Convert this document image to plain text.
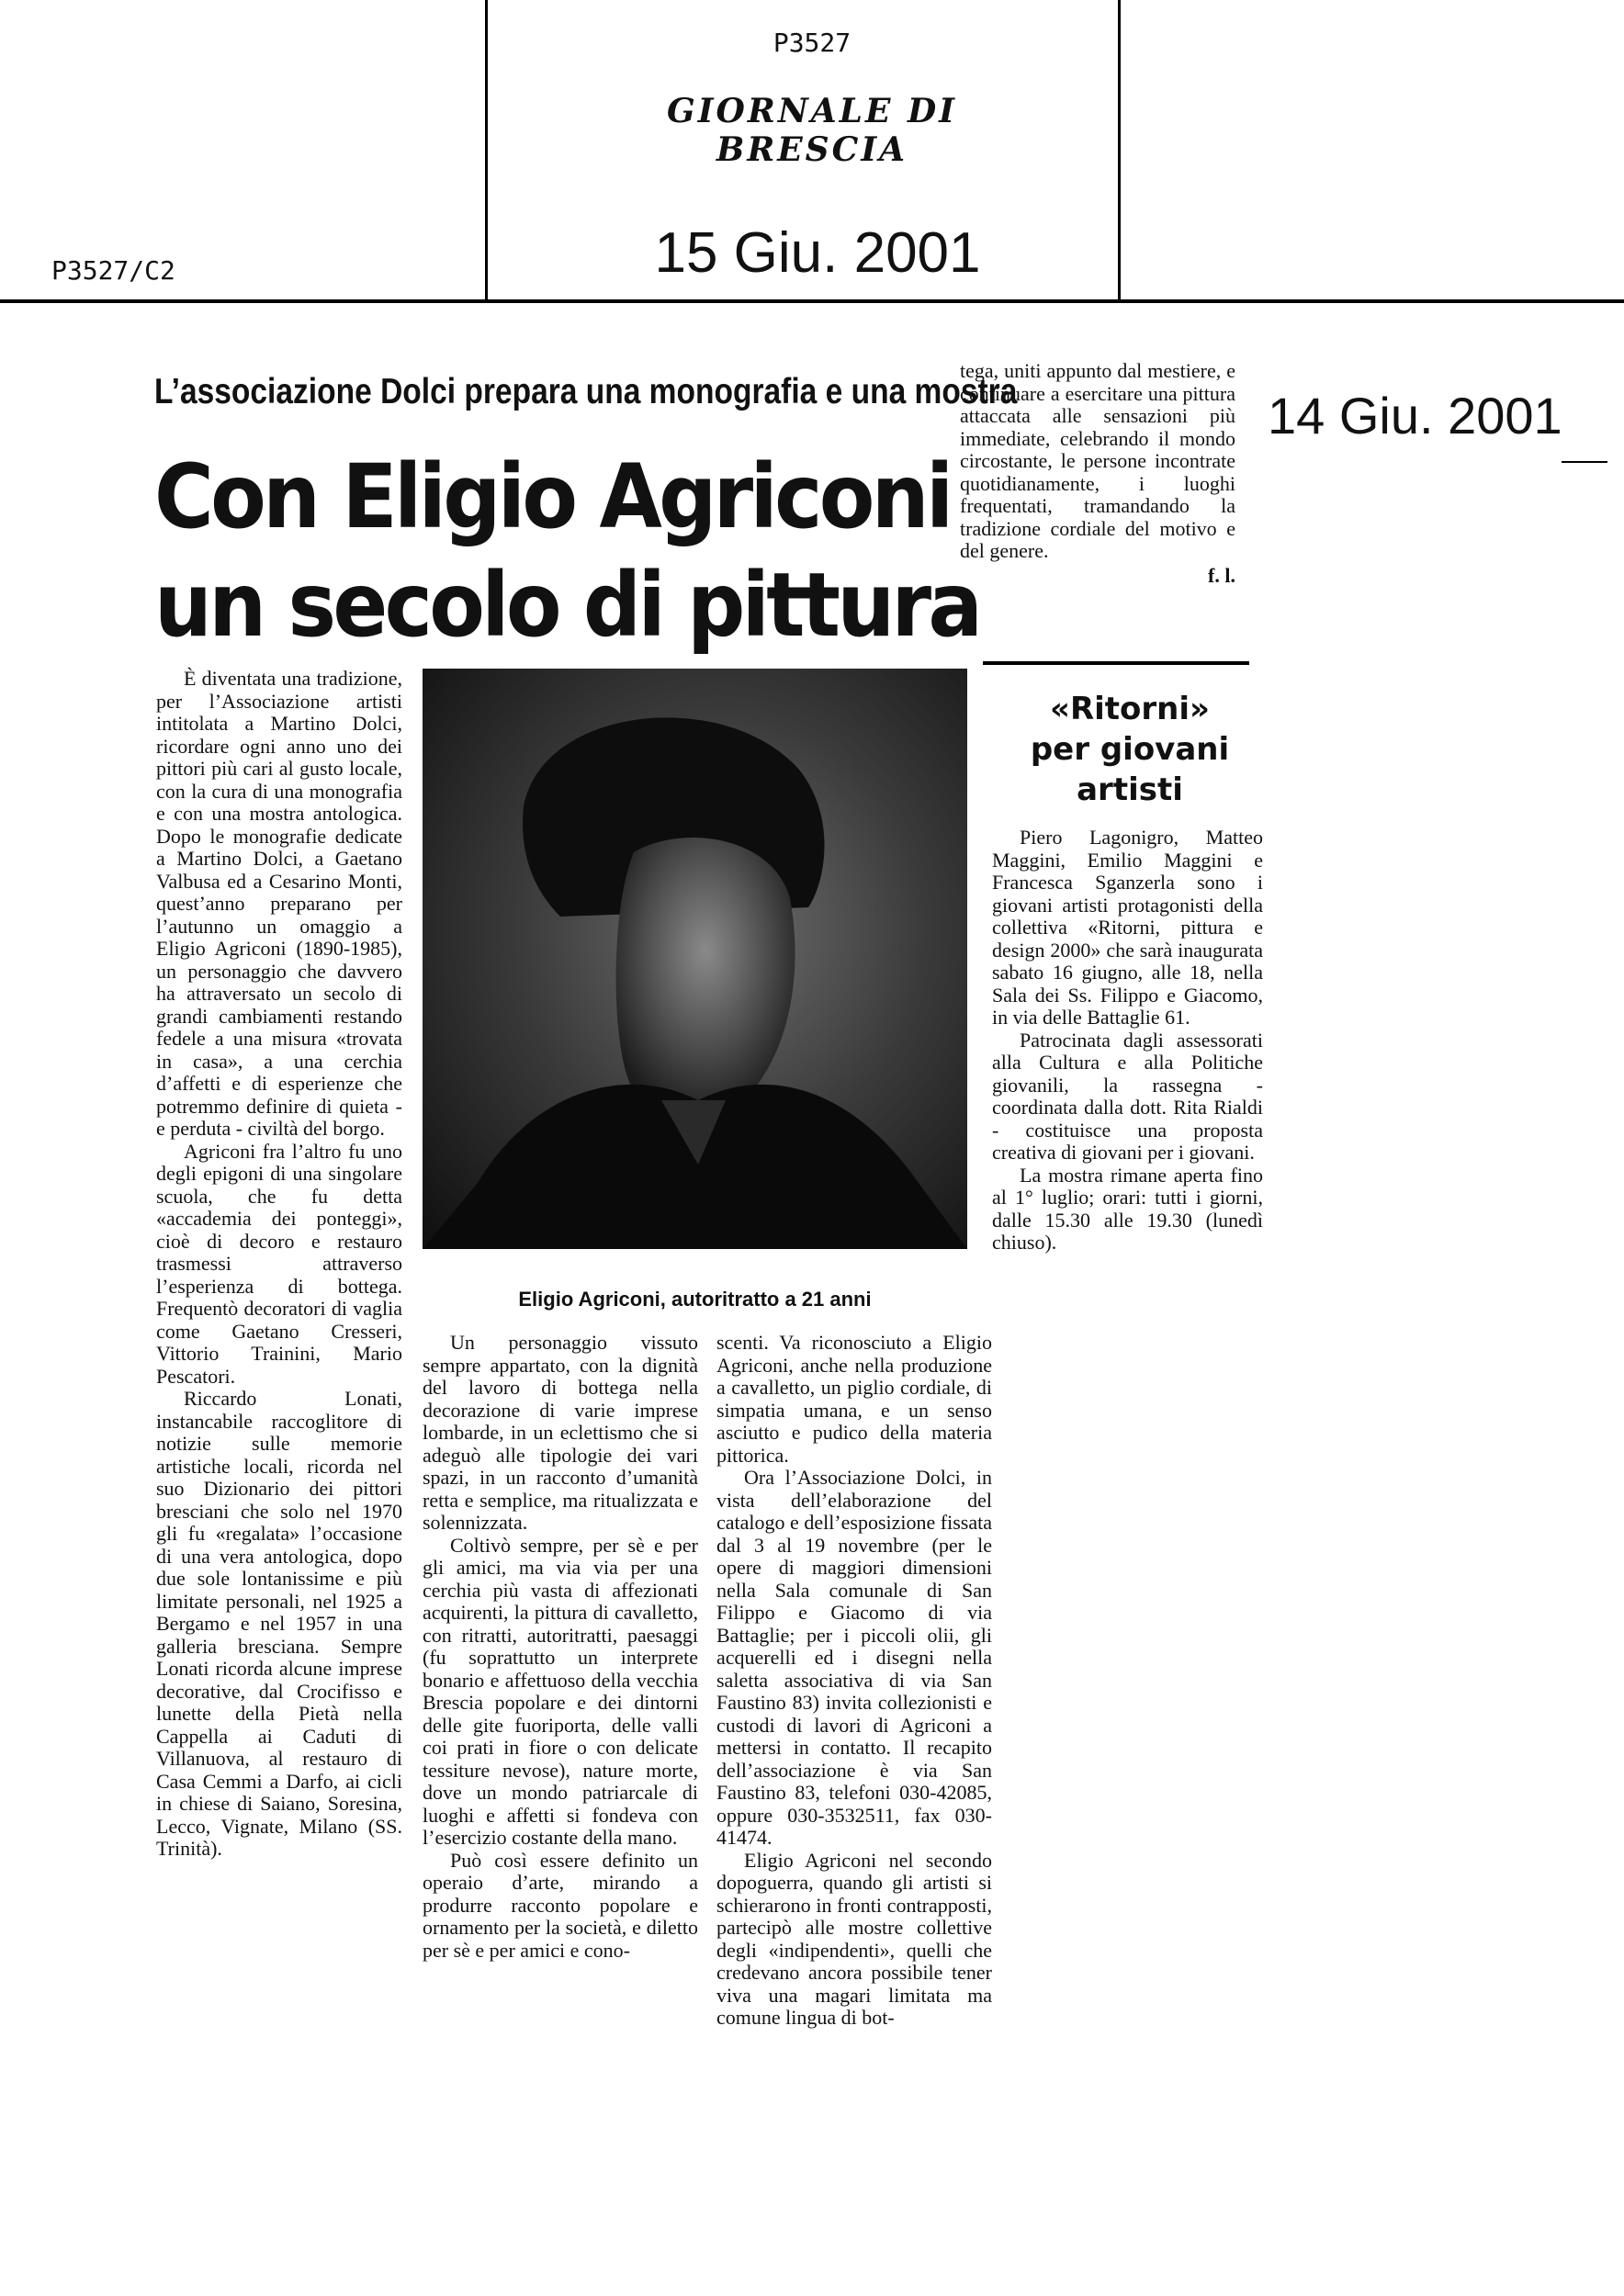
P3527
GIORNALE DI BRESCIA
15 Giu. 2001
P3527/C2
14 Giu. 2001
L’associazione Dolci prepara una monografia e una mostra
Con Eligio Agriconi
un secolo di pittura

È diventata una tradizione, per l’Associazione artisti intitolata a Martino Dolci, ricordare ogni anno uno dei pittori più cari al gusto locale, con la cura di una monografia e con una mostra antologica. Dopo le monografie dedicate a Martino Dolci, a Gaetano Valbusa ed a Cesarino Monti, quest’anno preparano per l’autunno un omaggio a Eligio Agriconi (1890-1985), un personaggio che davvero ha attraversato un secolo di grandi cambiamenti restando fedele a una misura «trovata in casa», a una cerchia d’affetti e di esperienze che potremmo definire di quieta - e perduta - civiltà del borgo.

Agriconi fra l’altro fu uno degli epigoni di una singolare scuola, che fu detta «accademia dei ponteggi», cioè di decoro e restauro trasmessi attraverso l’esperienza di bottega. Frequentò decoratori di vaglia come Gaetano Cresseri, Vittorio Trainini, Mario Pescatori.

Riccardo Lonati, instancabile raccoglitore di notizie sulle memorie artistiche locali, ricorda nel suo Dizionario dei pittori bresciani che solo nel 1970 gli fu «regalata» l’occasione di una vera antologica, dopo due sole lontanissime e più limitate personali, nel 1925 a Bergamo e nel 1957 in una galleria bresciana. Sempre Lonati ricorda alcune imprese decorative, dal Crocifisso e lunette della Pietà nella Cappella ai Caduti di Villanuova, al restauro di Casa Cemmi a Darfo, ai cicli in chiese di Saiano, Soresina, Lecco, Vignate, Milano (SS. Trinità).

Eligio Agriconi, autoritratto a 21 anni

Un personaggio vissuto sempre appartato, con la dignità del lavoro di bottega nella decorazione di varie imprese lombarde, in un eclettismo che si adeguò alle tipologie dei vari spazi, in un racconto d’umanità retta e semplice, ma ritualizzata e solennizzata.

Coltivò sempre, per sè e per gli amici, ma via via per una cerchia più vasta di affezionati acquirenti, la pittura di cavalletto, con ritratti, autoritratti, paesaggi (fu soprattutto un interprete bonario e affettuoso della vecchia Brescia popolare e dei dintorni delle gite fuoriporta, delle valli coi prati in fiore o con delicate tessiture nevose), nature morte, dove un mondo patriarcale di luoghi e affetti si fondeva con l’esercizio costante della mano.

Può così essere definito un operaio d’arte, mirando a produrre racconto popolare e ornamento per la società, e diletto per sè e per amici e cono-

scenti. Va riconosciuto a Eligio Agriconi, anche nella produzione a cavalletto, un piglio cordiale, di simpatia umana, e un senso asciutto e pudico della materia pittorica.

Ora l’Associazione Dolci, in vista dell’elaborazione del catalogo e dell’esposizione fissata dal 3 al 19 novembre (per le opere di maggiori dimensioni nella Sala comunale di San Filippo e Giacomo di via Battaglie; per i piccoli olii, gli acquerelli ed i disegni nella saletta associativa di via San Faustino 83) invita collezionisti e custodi di lavori di Agriconi a mettersi in contatto. Il recapito dell’associazione è via San Faustino 83, telefoni 030-42085, oppure 030-3532511, fax 030-41474.

Eligio Agriconi nel secondo dopoguerra, quando gli artisti si schierarono in fronti contrapposti, partecipò alle mostre collettive degli «indipendenti», quelli che credevano ancora possibile tener viva una magari limitata ma comune lingua di bot-

tega, uniti appunto dal mestiere, e continuare a esercitare una pittura attaccata alle sensazioni più immediate, celebrando il mondo circostante, le persone incontrate quotidianamente, i luoghi frequentati, tramandando la tradizione cordiale del motivo e del genere.

f. l.
«Ritorni»
per giovani
artisti

Piero Lagonigro, Matteo Maggini, Emilio Maggini e Francesca Sganzerla sono i giovani artisti protagonisti della collettiva «Ritorni, pittura e design 2000» che sarà inaugurata sabato 16 giugno, alle 18, nella Sala dei Ss. Filippo e Giacomo, in via delle Battaglie 61.

Patrocinata dagli assessorati alla Cultura e alla Politiche giovanili, la rassegna - coordinata dalla dott. Rita Rialdi - costituisce una proposta creativa di giovani per i giovani.

La mostra rimane aperta fino al 1° luglio; orari: tutti i giorni, dalle 15.30 alle 19.30 (lunedì chiuso).
